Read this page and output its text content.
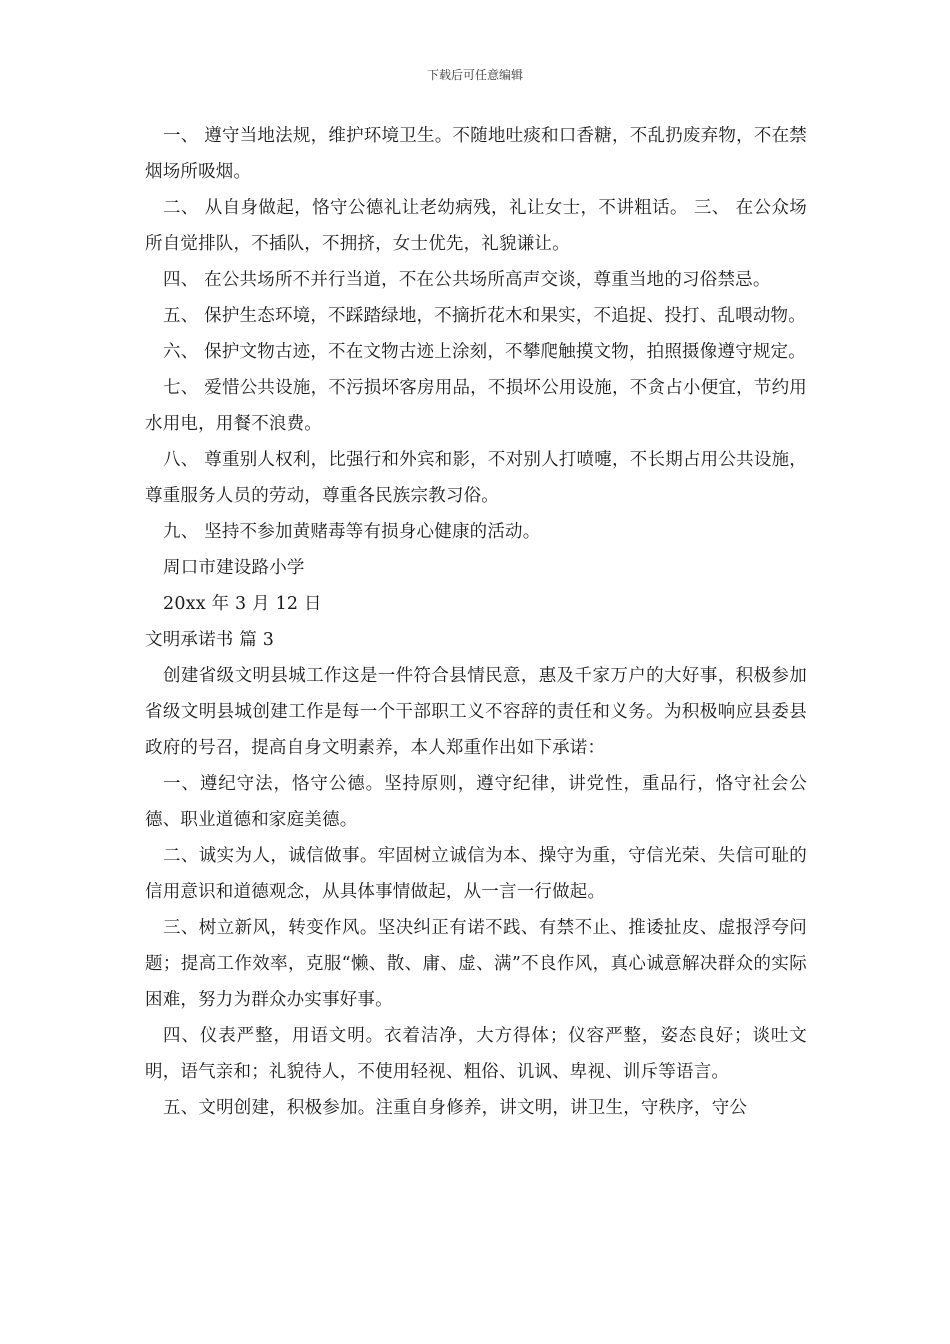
下载后可任意编辑

一、 遵守当地法规，维护环境卫生。不随地吐痰和口香糖，不乱扔废弃物，不在禁烟场所吸烟。

二、 从自身做起，恪守公德礼让老幼病残，礼让女士，不讲粗话。 三、 在公众场所自觉排队，不插队，不拥挤，女士优先，礼貌谦让。

四、 在公共场所不并行当道，不在公共场所高声交谈，尊重当地的习俗禁忌。

五、 保护生态环境，不踩踏绿地，不摘折花木和果实，不追捉、投打、乱喂动物。

六、 保护文物古迹，不在文物古迹上涂刻，不攀爬触摸文物，拍照摄像遵守规定。

七、 爱惜公共设施，不污损坏客房用品，不损坏公用设施，不贪占小便宜，节约用水用电，用餐不浪费。

八、 尊重别人权利，比强行和外宾和影，不对别人打喷嚏，不长期占用公共设施，尊重服务人员的劳动，尊重各民族宗教习俗。

九、 坚持不参加黄赌毒等有损身心健康的活动。

周口市建设路小学

20xx 年 3 月 12 日

文明承诺书 篇 3

创建省级文明县城工作这是一件符合县情民意，惠及千家万户的大好事，积极参加省级文明县城创建工作是每一个干部职工义不容辞的责任和义务。为积极响应县委县政府的号召，提高自身文明素养，本人郑重作出如下承诺：

一、遵纪守法，恪守公德。坚持原则，遵守纪律，讲党性，重品行，恪守社会公德、职业道德和家庭美德。

二、诚实为人，诚信做事。牢固树立诚信为本、操守为重，守信光荣、失信可耻的信用意识和道德观念，从具体事情做起，从一言一行做起。

三、树立新风，转变作风。坚决纠正有诺不践、有禁不止、推诿扯皮、虚报浮夸问题；提高工作效率，克服“懒、散、庸、虚、满”不良作风，真心诚意解决群众的实际困难，努力为群众办实事好事。

四、仪表严整，用语文明。衣着洁净，大方得体；仪容严整，姿态良好；谈吐文明，语气亲和；礼貌待人，不使用轻视、粗俗、讥讽、卑视、训斥等语言。

五、文明创建，积极参加。注重自身修养，讲文明，讲卫生，守秩序，守公
